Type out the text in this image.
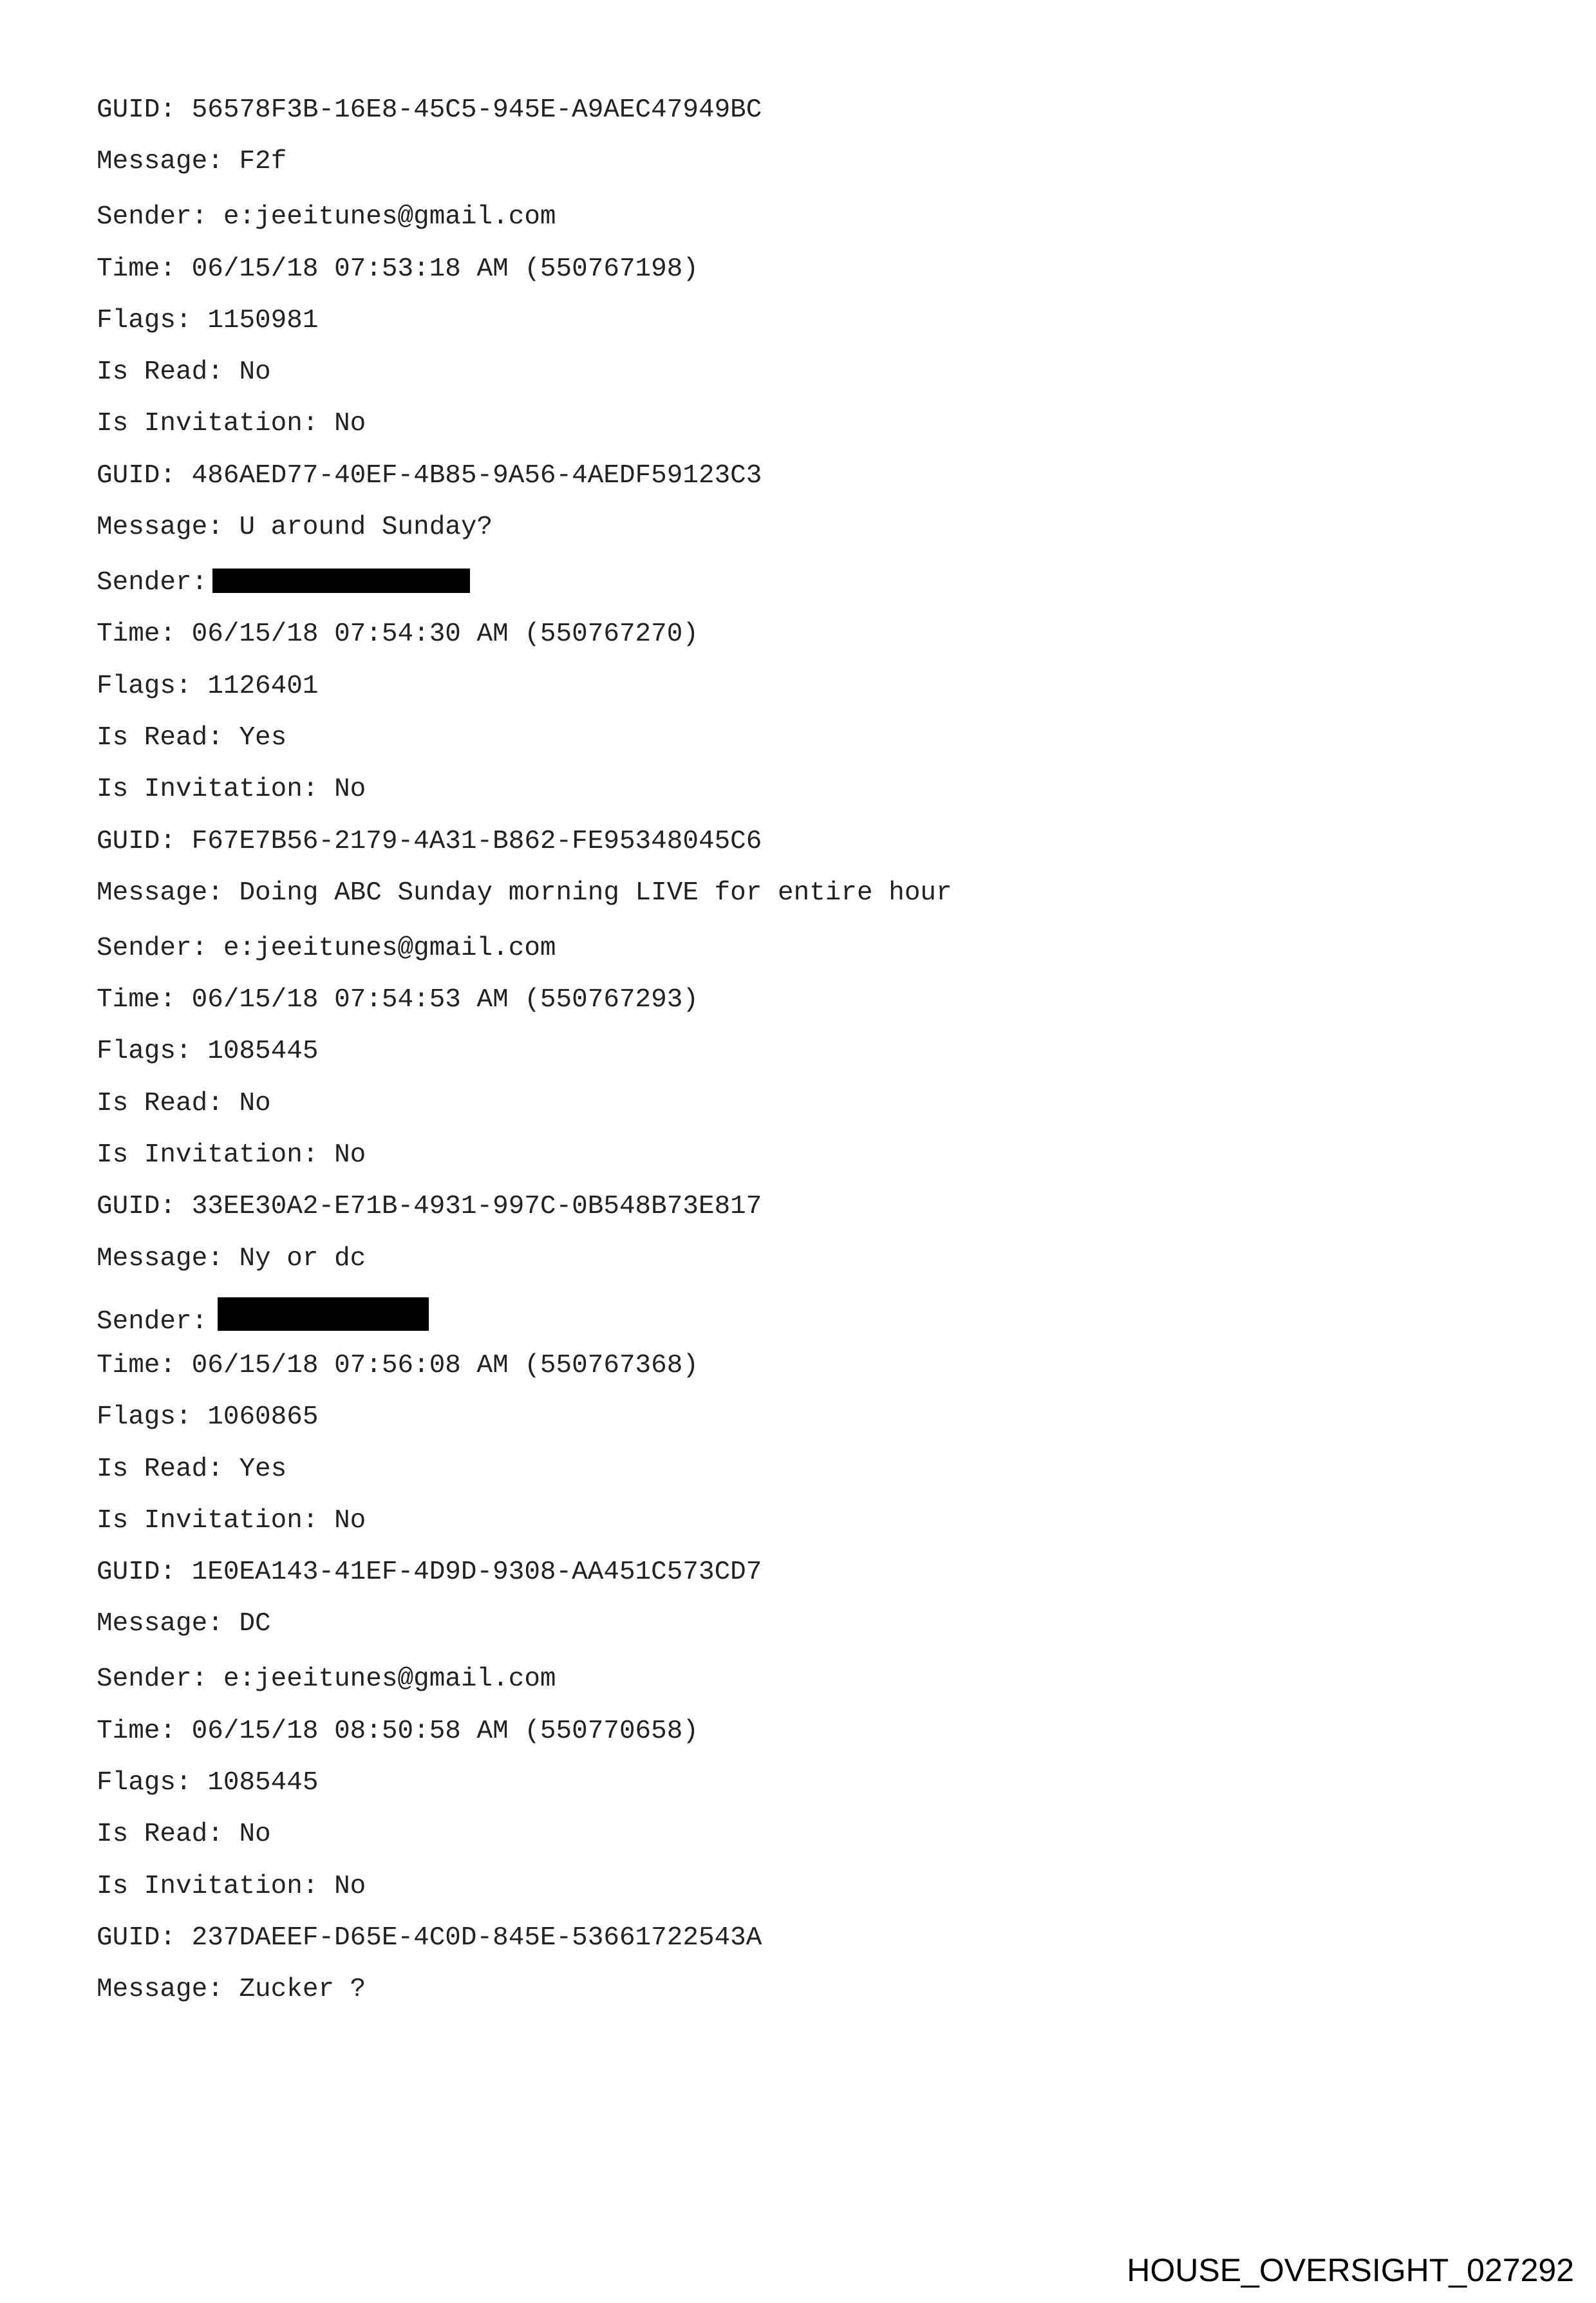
GUID: 56578F3B-16E8-45C5-945E-A9AEC47949BC
Message: F2f
Sender: e:jeeitunes@gmail.com
Time: 06/15/18 07:53:18 AM (550767198)
Flags: 1150981
Is Read: No
Is Invitation: No
GUID: 486AED77-40EF-4B85-9A56-4AEDF59123C3
Message: U around Sunday?
Sender:
Time: 06/15/18 07:54:30 AM (550767270)
Flags: 1126401
Is Read: Yes
Is Invitation: No
GUID: F67E7B56-2179-4A31-B862-FE95348045C6
Message: Doing ABC Sunday morning LIVE for entire hour
Sender: e:jeeitunes@gmail.com
Time: 06/15/18 07:54:53 AM (550767293)
Flags: 1085445
Is Read: No
Is Invitation: No
GUID: 33EE30A2-E71B-4931-997C-0B548B73E817
Message: Ny or dc
Sender:
Time: 06/15/18 07:56:08 AM (550767368)
Flags: 1060865
Is Read: Yes
Is Invitation: No
GUID: 1E0EA143-41EF-4D9D-9308-AA451C573CD7
Message: DC
Sender: e:jeeitunes@gmail.com
Time: 06/15/18 08:50:58 AM (550770658)
Flags: 1085445
Is Read: No
Is Invitation: No
GUID: 237DAEEF-D65E-4C0D-845E-53661722543A
Message: Zucker ?
HOUSE_OVERSIGHT_027292
